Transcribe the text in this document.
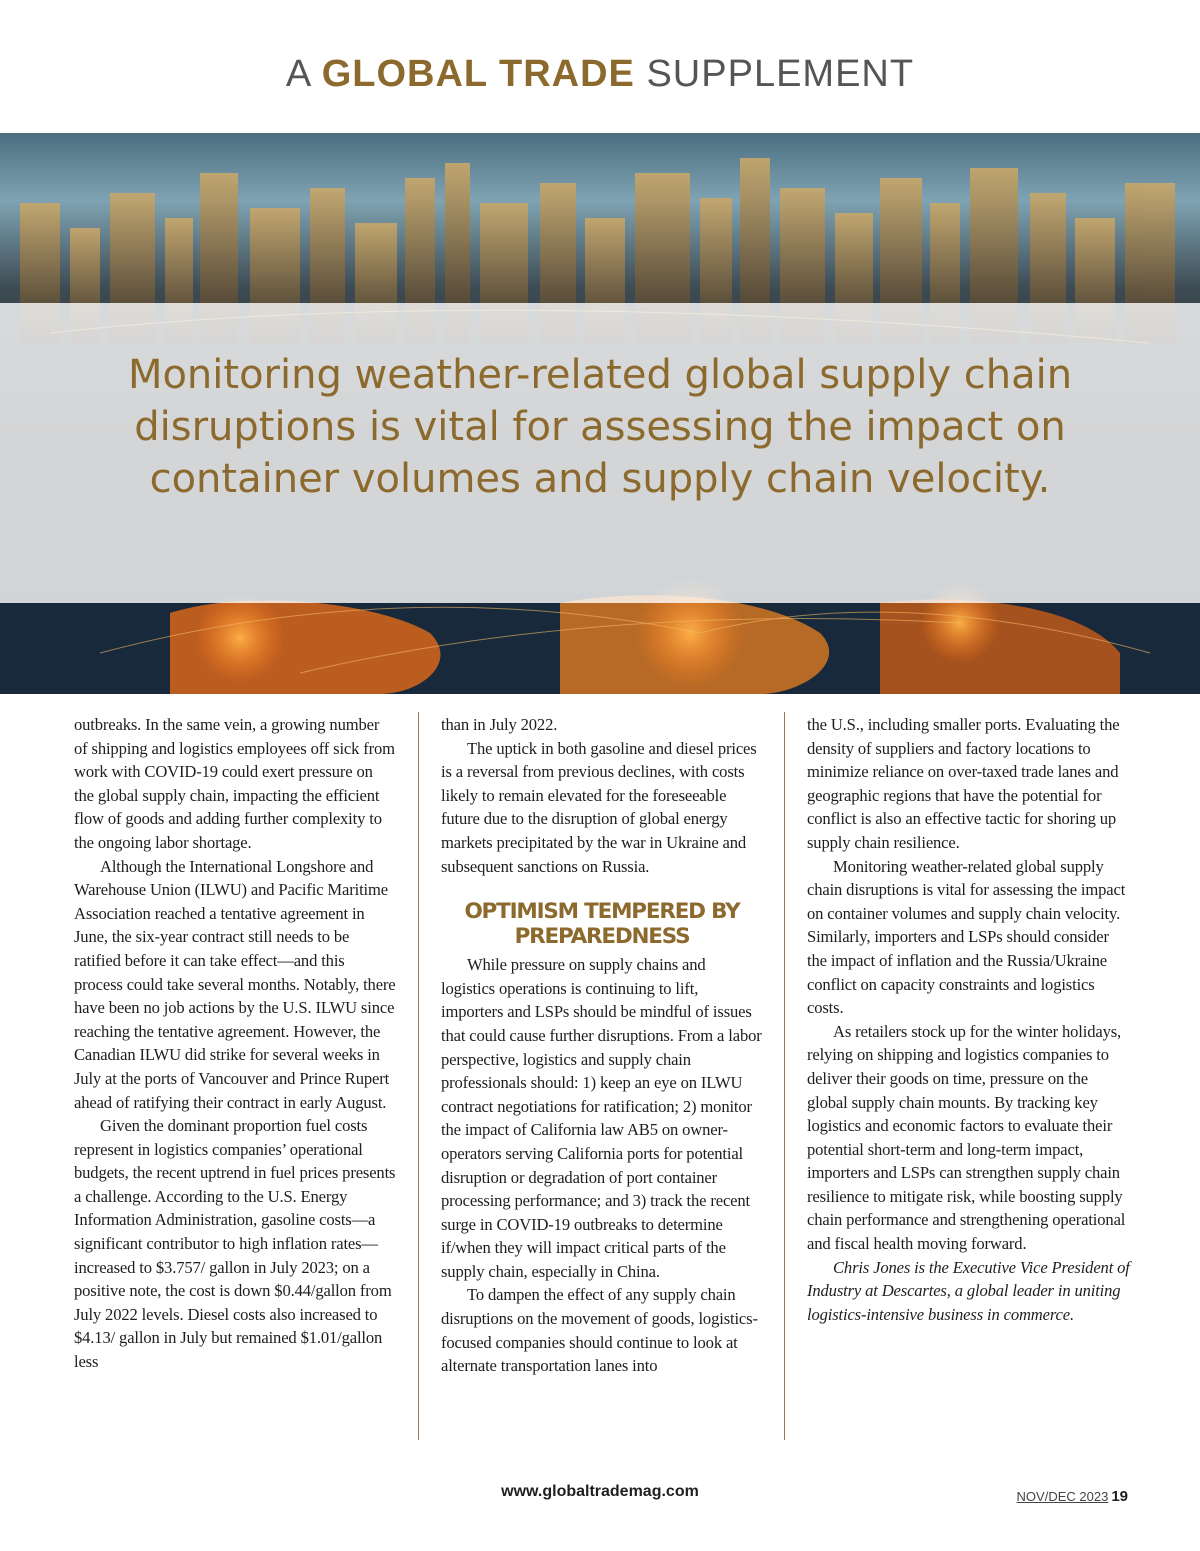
A GLOBAL TRADE SUPPLEMENT

Monitoring weather-related global supply chain disruptions is vital for assessing the impact on container volumes and supply chain velocity.

outbreaks. In the same vein, a growing number of shipping and logistics employees off sick from work with COVID-19 could exert pressure on the global supply chain, impacting the efficient flow of goods and adding further complexity to the ongoing labor shortage.

Although the International Longshore and Warehouse Union (ILWU) and Pacific Maritime Association reached a tentative agreement in June, the six-year contract still needs to be ratified before it can take effect—and this process could take several months. Notably, there have been no job actions by the U.S. ILWU since reaching the tentative agreement. However, the Canadian ILWU did strike for several weeks in July at the ports of Vancouver and Prince Rupert ahead of ratifying their contract in early August.

Given the dominant proportion fuel costs represent in logistics companies’ operational budgets, the recent uptrend in fuel prices presents a challenge. According to the U.S. Energy Information Administration, gasoline costs—a significant contributor to high inflation rates—increased to $3.757/ gallon in July 2023; on a positive note, the cost is down $0.44/gallon from July 2022 levels. Diesel costs also increased to $4.13/ gallon in July but remained $1.01/gallon less

than in July 2022.

The uptick in both gasoline and diesel prices is a reversal from previous declines, with costs likely to remain elevated for the foreseeable future due to the disruption of global energy markets precipitated by the war in Ukraine and subsequent sanctions on Russia.

OPTIMISM TEMPERED BY PREPAREDNESS

While pressure on supply chains and logistics operations is continuing to lift, importers and LSPs should be mindful of issues that could cause further disruptions. From a labor perspective, logistics and supply chain professionals should: 1) keep an eye on ILWU contract negotiations for ratification; 2) monitor the impact of California law AB5 on owner-operators serving California ports for potential disruption or degradation of port container processing performance; and 3) track the recent surge in COVID-19 outbreaks to determine if/when they will impact critical parts of the supply chain, especially in China.

To dampen the effect of any supply chain disruptions on the movement of goods, logistics-focused companies should continue to look at alternate transportation lanes into

the U.S., including smaller ports. Evaluating the density of suppliers and factory locations to minimize reliance on over-taxed trade lanes and geographic regions that have the potential for conflict is also an effective tactic for shoring up supply chain resilience.

Monitoring weather-related global supply chain disruptions is vital for assessing the impact on container volumes and supply chain velocity. Similarly, importers and LSPs should consider the impact of inflation and the Russia/Ukraine conflict on capacity constraints and logistics costs.

As retailers stock up for the winter holidays, relying on shipping and logistics companies to deliver their goods on time, pressure on the global supply chain mounts. By tracking key logistics and economic factors to evaluate their potential short-term and long-term impact, importers and LSPs can strengthen supply chain resilience to mitigate risk, while boosting supply chain performance and strengthening operational and fiscal health moving forward.

Chris Jones is the Executive Vice President of Industry at Descartes, a global leader in uniting logistics-intensive business in commerce.

www.globaltrademag.com	NOV/DEC 2023 19
